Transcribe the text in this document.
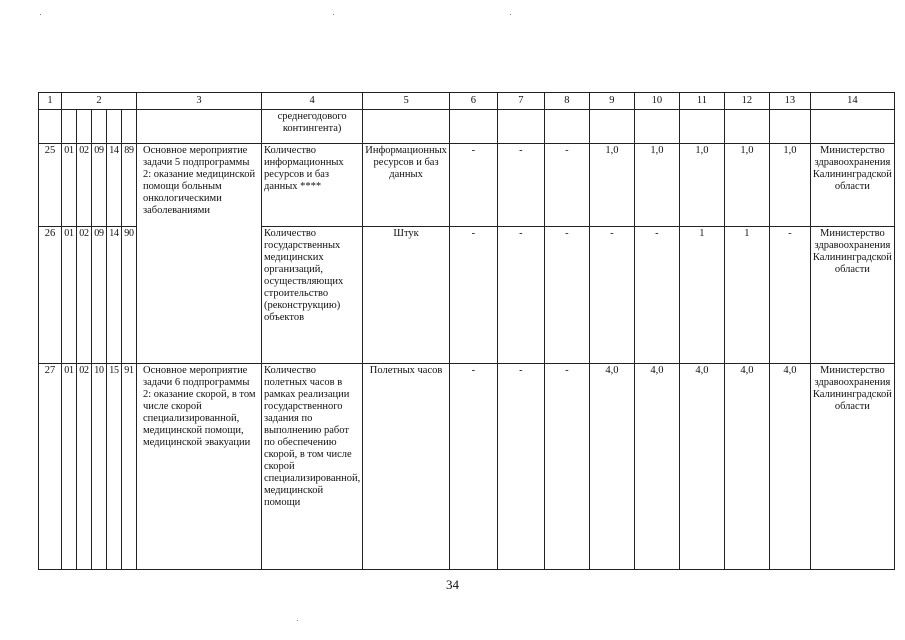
1	2					3	4	5	6	7	8	9	10	11	12	13	14
							среднегодового контингента)										
25	01	02	09	14	89	Основное мероприятие задачи 5 подпрограммы 2: оказание медицинской помощи больным онкологическими заболеваниями	Количество информационных ресурсов и баз данных ****	Информационных ресурсов и баз данных	-	-	-	1,0	1,0	1,0	1,0	1,0	Министерство здравоохранения Калининградской области
26	01	02	09	14	90		Количество государственных медицинских организаций, осуществляющих строительство (реконструкцию) объектов	Штук	-	-	-	-	-	1	1	-	Министерство здравоохранения Калининградской области
27	01	02	10	15	91	Основное мероприятие задачи 6 подпрограммы 2: оказание скорой, в том числе скорой специализированной, медицинской помощи, медицинской эвакуации	Количество полетных часов в рамках реализации государственного задания по выполнению работ по обеспечению скорой, в том числе скорой специализированной, медицинской помощи	Полетных часов	-	-	-	4,0	4,0	4,0	4,0	4,0	Министерство здравоохранения Калининградской области
34
